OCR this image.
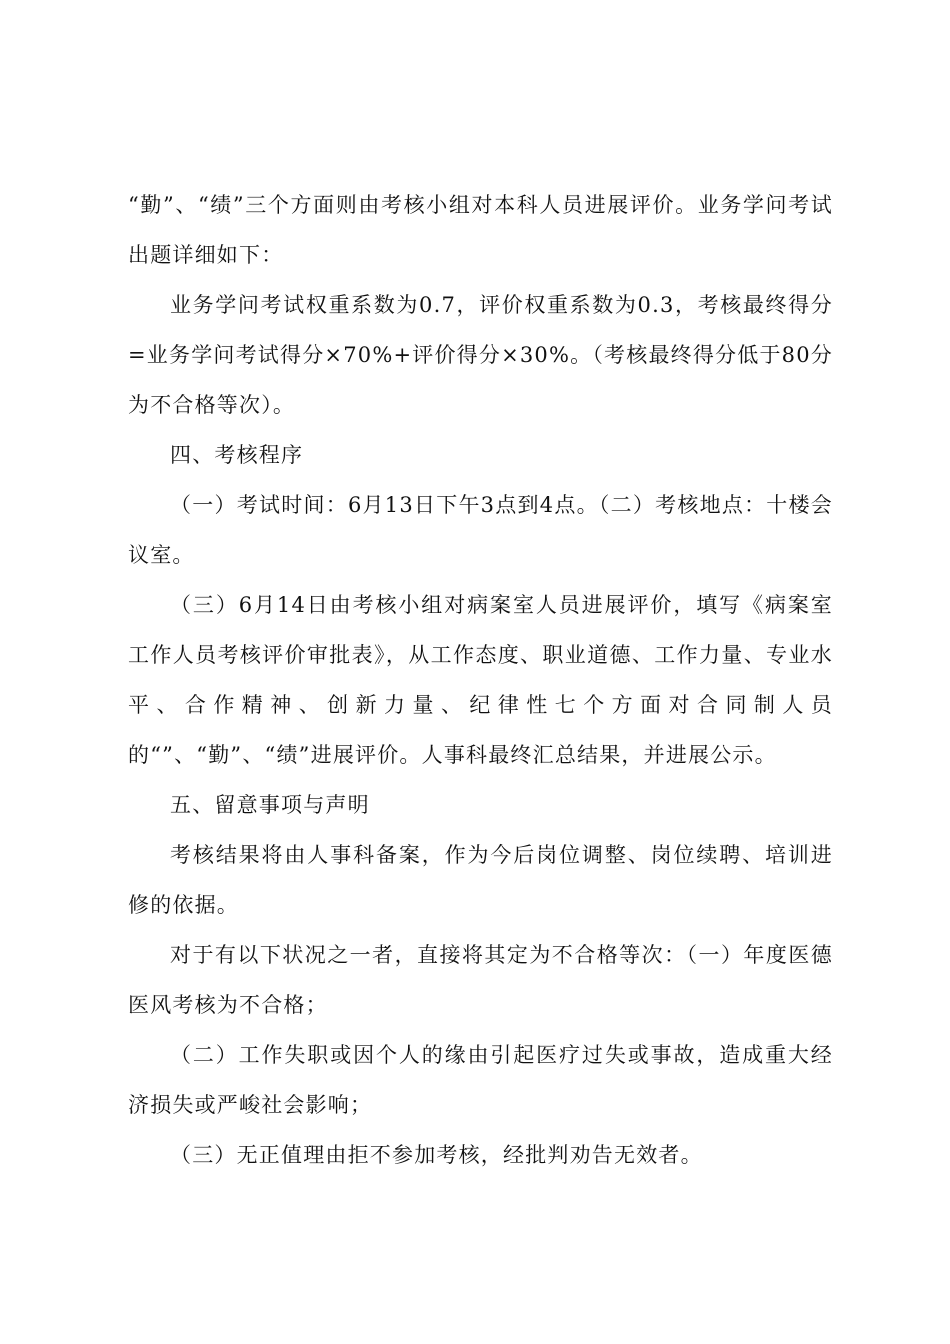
“勤”、“绩”三个方面则由考核小组对本科人员进展评价。业务学问考试出题详细如下：

业务学问考试权重系数为0.7，评价权重系数为0.3，考核最终得分=业务学问考试得分×70%+评价得分×30%。（考核最终得分低于80分为不合格等次）。

四、考核程序

（一）考试时间：6月13日下午3点到4点。（二）考核地点：十楼会议室。

（三）6月14日由考核小组对病案室人员进展评价，填写《病案室工作人员考核评价审批表》，从工作态度、职业道德、工作力量、专业水平、合作精神、创新力量、纪律性七个方面对合同制人员的“”、“勤”、“绩”进展评价。人事科最终汇总结果，并进展公示。

五、留意事项与声明

考核结果将由人事科备案，作为今后岗位调整、岗位续聘、培训进修的依据。

对于有以下状况之一者，直接将其定为不合格等次：（一）年度医德医风考核为不合格；

（二）工作失职或因个人的缘由引起医疗过失或事故，造成重大经济损失或严峻社会影响；

（三）无正值理由拒不参加考核，经批判劝告无效者。
